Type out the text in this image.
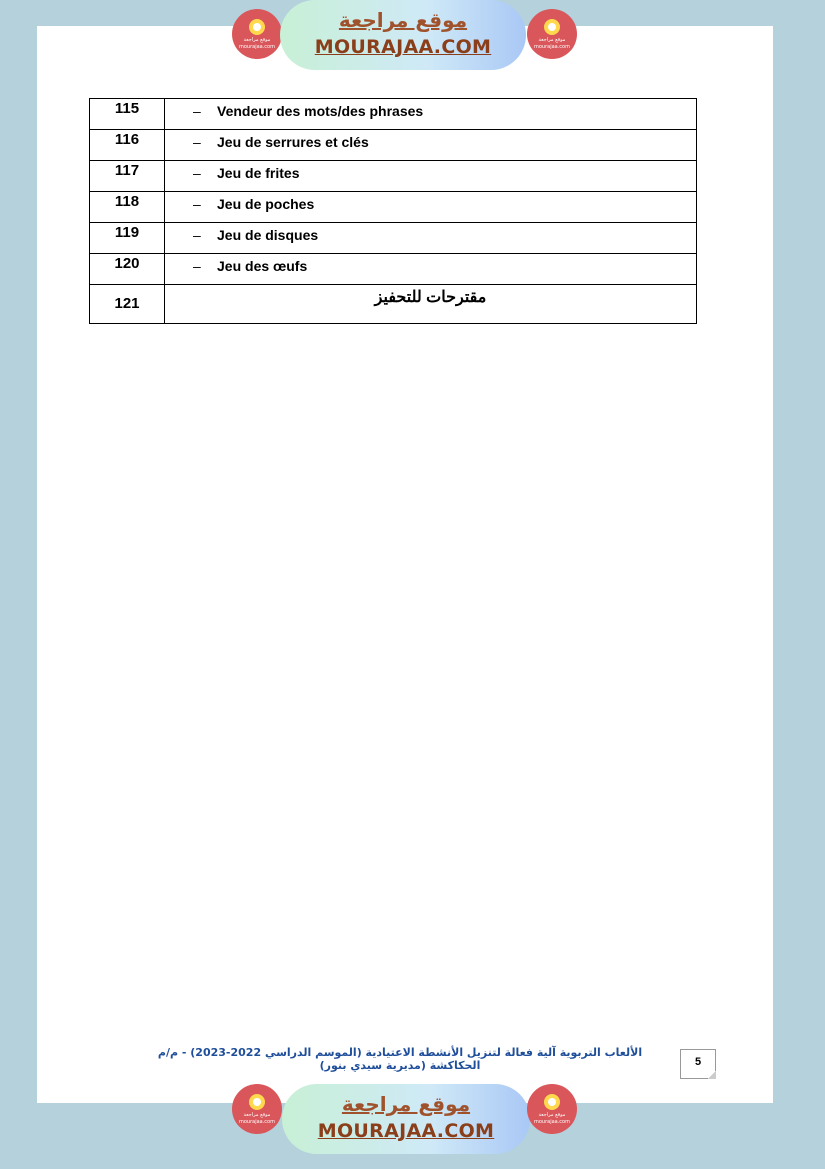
موقع مراجعة
mourajaa.com
موقع مراجعة
MOURAJAA.COM	موقع مراجعة
mourajaa.com
115	– Vendeur des mots/des phrases
116	– Jeu de serrures et clés
117	– Jeu de frites
118	– Jeu de poches
119	– Jeu de disques
120	– Jeu des œufs
121	مقترحات للتحفيز
الألعاب التربوية آلية فعالة لتنزيل الأنشطة الاعتيادية (الموسم الدراسي 2022-2023) - م/م الحكاكشة (مديرية سيدي بنور)	5
موقع مراجعة
mourajaa.com
موقع مراجعة
MOURAJAA.COM
موقع مراجعة
mourajaa.com
